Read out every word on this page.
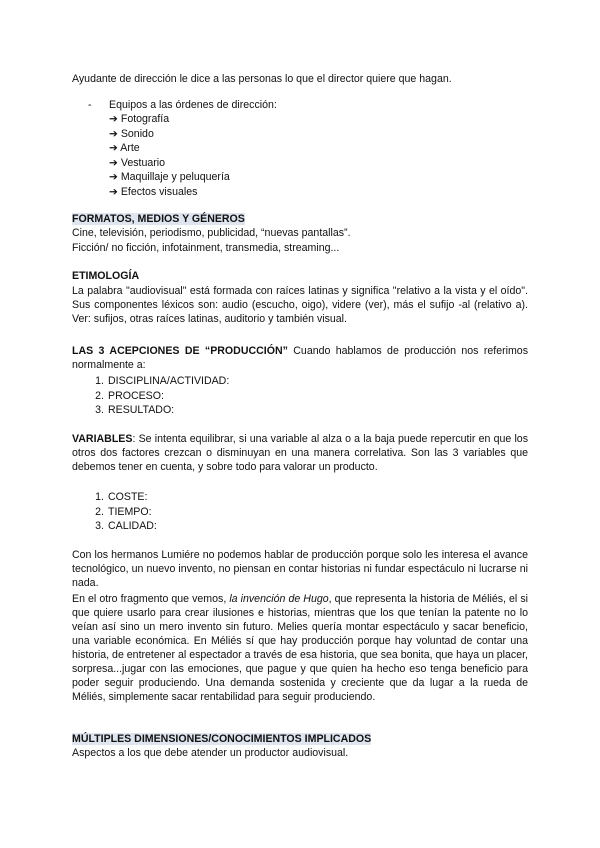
Ayudante de dirección le dice a las personas lo que el director quiere que hagan.
- Equipos a las órdenes de dirección:
➔ Fotografía
➔ Sonido
➔ Arte
➔ Vestuario
➔ Maquillaje y peluquería
➔ Efectos visuales
FORMATOS, MEDIOS Y GÉNEROS
Cine, televisión, periodismo, publicidad, “nuevas pantallas”.
Ficción/ no ficción, infotainment, transmedia, streaming...
ETIMOLOGÍA
La palabra "audiovisual" está formada con raíces latinas y significa "relativo a la vista y el oído". Sus componentes léxicos son: audio (escucho, oigo), videre (ver), más el sufijo -al (relativo a). Ver: sufijos, otras raíces latinas, auditorio y también visual.
LAS 3 ACEPCIONES DE “PRODUCCIÓN” Cuando hablamos de producción nos referimos normalmente a:
1. DISCIPLINA/ACTIVIDAD:
2. PROCESO:
3. RESULTADO:
VARIABLES: Se intenta equilibrar, si una variable al alza o a la baja puede repercutir en que los otros dos factores crezcan o disminuyan en una manera correlativa. Son las 3 variables que debemos tener en cuenta, y sobre todo para valorar un producto.
1. COSTE:
2. TIEMPO:
3. CALIDAD:
Con los hermanos Lumiére no podemos hablar de producción porque solo les interesa el avance tecnológico, un nuevo invento, no piensan en contar historias ni fundar espectáculo ni lucrarse ni nada.
En el otro fragmento que vemos, la invención de Hugo, que representa la historia de Méliés, el si que quiere usarlo para crear ilusiones e historias, mientras que los que tenían la patente no lo veían así sino un mero invento sin futuro. Melies quería montar espectáculo y sacar beneficio, una variable económica. En Méliés sí que hay producción porque hay voluntad de contar una historia, de entretener al espectador a través de esa historia, que sea bonita, que haya un placer, sorpresa...jugar con las emociones, que pague y que quien ha hecho eso tenga beneficio para poder seguir produciendo. Una demanda sostenida y creciente que da lugar a la rueda de Méliés, simplemente sacar rentabilidad para seguir produciendo.
MÚLTIPLES DIMENSIONES/CONOCIMIENTOS IMPLICADOS
Aspectos a los que debe atender un productor audiovisual.
